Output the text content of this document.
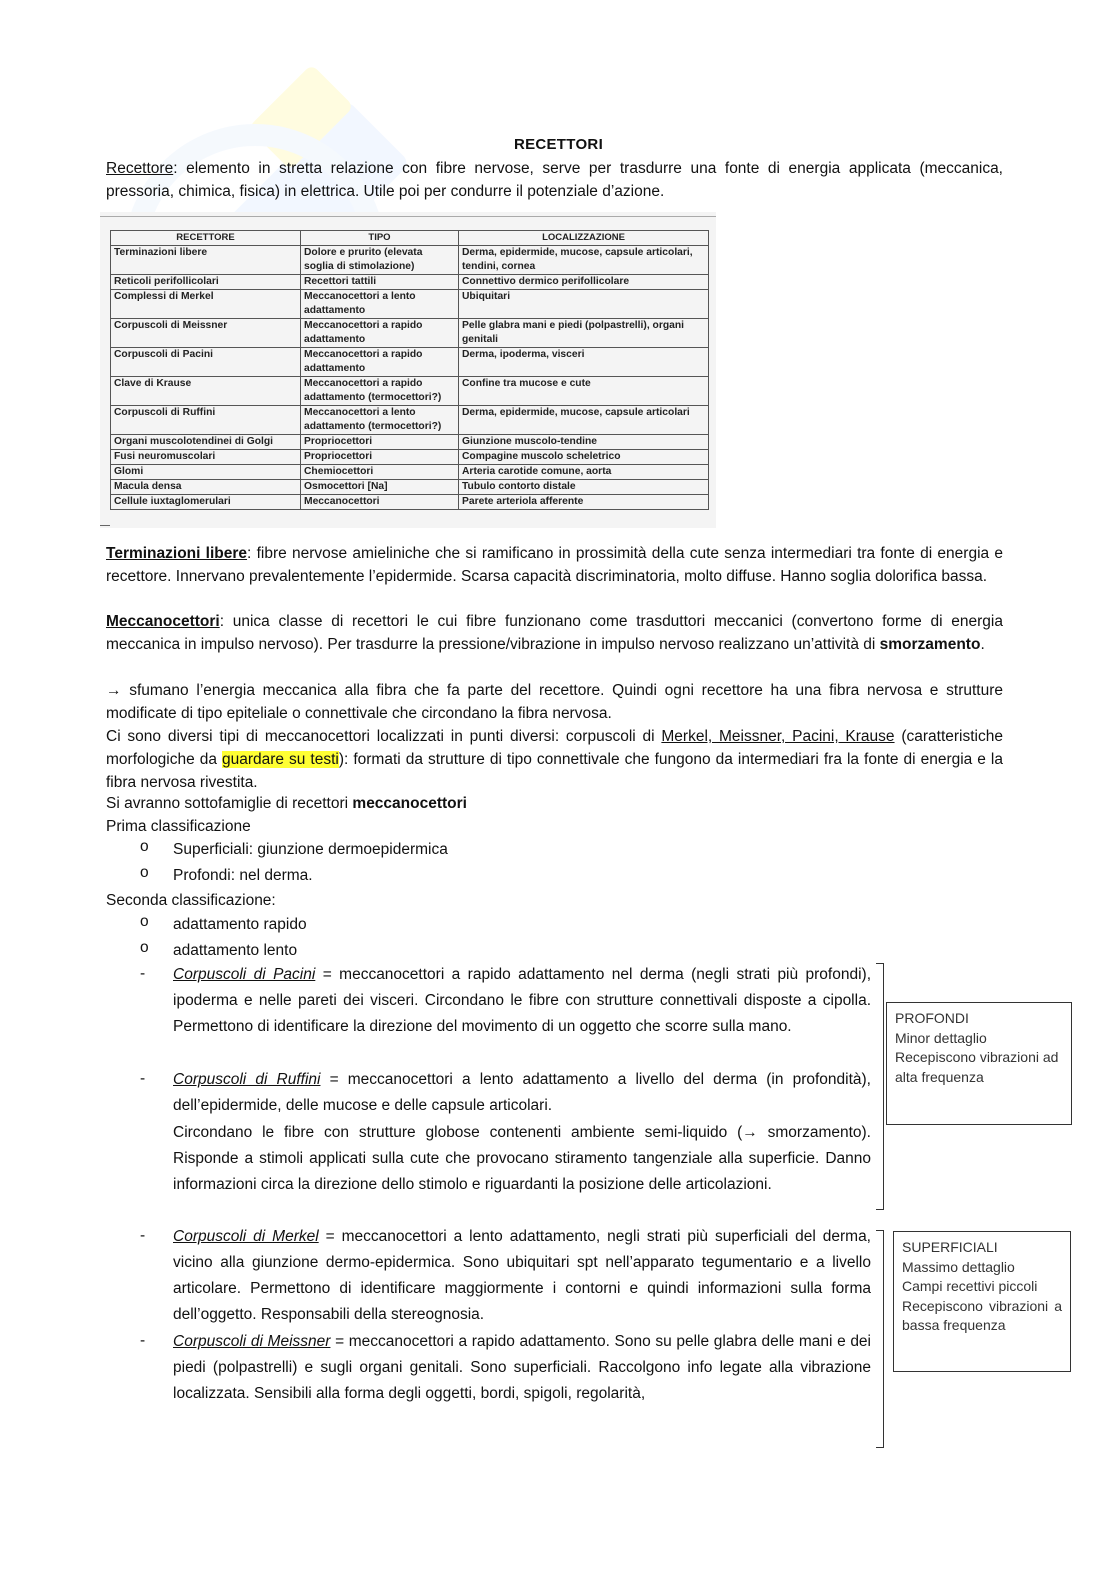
RECETTORI
Recettore: elemento in stretta relazione con fibre nervose, serve per trasdurre una fonte di energia applicata (meccanica, pressoria, chimica, fisica) in elettrica. Utile poi per condurre il potenziale d’azione.
RECETTORE	TIPO	LOCALIZZAZIONE
Terminazioni libere	Dolore e prurito (elevata soglia di stimolazione)	Derma, epidermide, mucose, capsule articolari, tendini, cornea
Reticoli perifollicolari	Recettori tattili	Connettivo dermico perifollicolare
Complessi di Merkel	Meccanocettori a lento adattamento	Ubiquitari
Corpuscoli di Meissner	Meccanocettori a rapido adattamento	Pelle glabra mani e piedi (polpastrelli), organi genitali
Corpuscoli di Pacini	Meccanocettori a rapido adattamento	Derma, ipoderma, visceri
Clave di Krause	Meccanocettori a rapido adattamento (termocettori?)	Confine tra mucose e cute
Corpuscoli di Ruffini	Meccanocettori a lento adattamento (termocettori?)	Derma, epidermide, mucose, capsule articolari
Organi muscolotendinei di Golgi	Propriocettori	Giunzione muscolo-tendine
Fusi neuromuscolari	Propriocettori	Compagine muscolo scheletrico
Glomi	Chemiocettori	Arteria carotide comune, aorta
Macula densa	Osmocettori [Na]	Tubulo contorto distale
Cellule iuxtaglomerulari	Meccanocettori	Parete arteriola afferente
Terminazioni libere: fibre nervose amieliniche che si ramificano in prossimità della cute senza intermediari tra fonte di energia e recettore. Innervano prevalentemente l’epidermide. Scarsa capacità discriminatoria, molto diffuse. Hanno soglia dolorifica bassa.
Meccanocettori: unica classe di recettori le cui fibre funzionano come trasduttori meccanici (convertono forme di energia meccanica in impulso nervoso). Per trasdurre la pressione/vibrazione in impulso nervoso realizzano un’attività di smorzamento.
→ sfumano l’energia meccanica alla fibra che fa parte del recettore. Quindi ogni recettore ha una fibra nervosa e strutture modificate di tipo epiteliale o connettivale che circondano la fibra nervosa.
Ci sono diversi tipi di meccanocettori localizzati in punti diversi: corpuscoli di Merkel, Meissner, Pacini, Krause (caratteristiche morfologiche da guardare su testi): formati da strutture di tipo connettivale che fungono da intermediari fra la fonte di energia e la fibra nervosa rivestita.
Si avranno sottofamiglie di recettori meccanocettori
Prima classificazione
o Superficiali: giunzione dermoepidermica
o Profondi: nel derma.
Seconda classificazione:
o adattamento rapido
o adattamento lento
- Corpuscoli di Pacini = meccanocettori a rapido adattamento nel derma (negli strati più profondi), ipoderma e nelle pareti dei visceri. Circondano le fibre con strutture connettivali disposte a cipolla. Permettono di identificare la direzione del movimento di un oggetto che scorre sulla mano.
- Corpuscoli di Ruffini = meccanocettori a lento adattamento a livello del derma (in profondità), dell’epidermide, delle mucose e delle capsule articolari.
Circondano le fibre con strutture globose contenenti ambiente semi-liquido (→ smorzamento). Risponde a stimoli applicati sulla cute che provocano stiramento tangenziale alla superficie. Danno informazioni circa la direzione dello stimolo e riguardanti la posizione delle articolazioni.
- Corpuscoli di Merkel = meccanocettori a lento adattamento, negli strati più superficiali del derma, vicino alla giunzione dermo-epidermica. Sono ubiquitari spt nell’apparato tegumentario e a livello articolare. Permettono di identificare maggiormente i contorni e quindi informazioni sulla forma dell’oggetto. Responsabili della stereognosia.
- Corpuscoli di Meissner = meccanocettori a rapido adattamento. Sono su pelle glabra delle mani e dei piedi (polpastrelli) e sugli organi genitali. Sono superficiali. Raccolgono info legate alla vibrazione localizzata. Sensibili alla forma degli oggetti, bordi, spigoli, regolarità,
PROFONDI
Minor dettaglio
Recepiscono vibrazioni ad alta frequenza
SUPERFICIALI
Massimo dettaglio
Campi recettivi piccoli
Recepiscono vibrazioni a bassa frequenza
